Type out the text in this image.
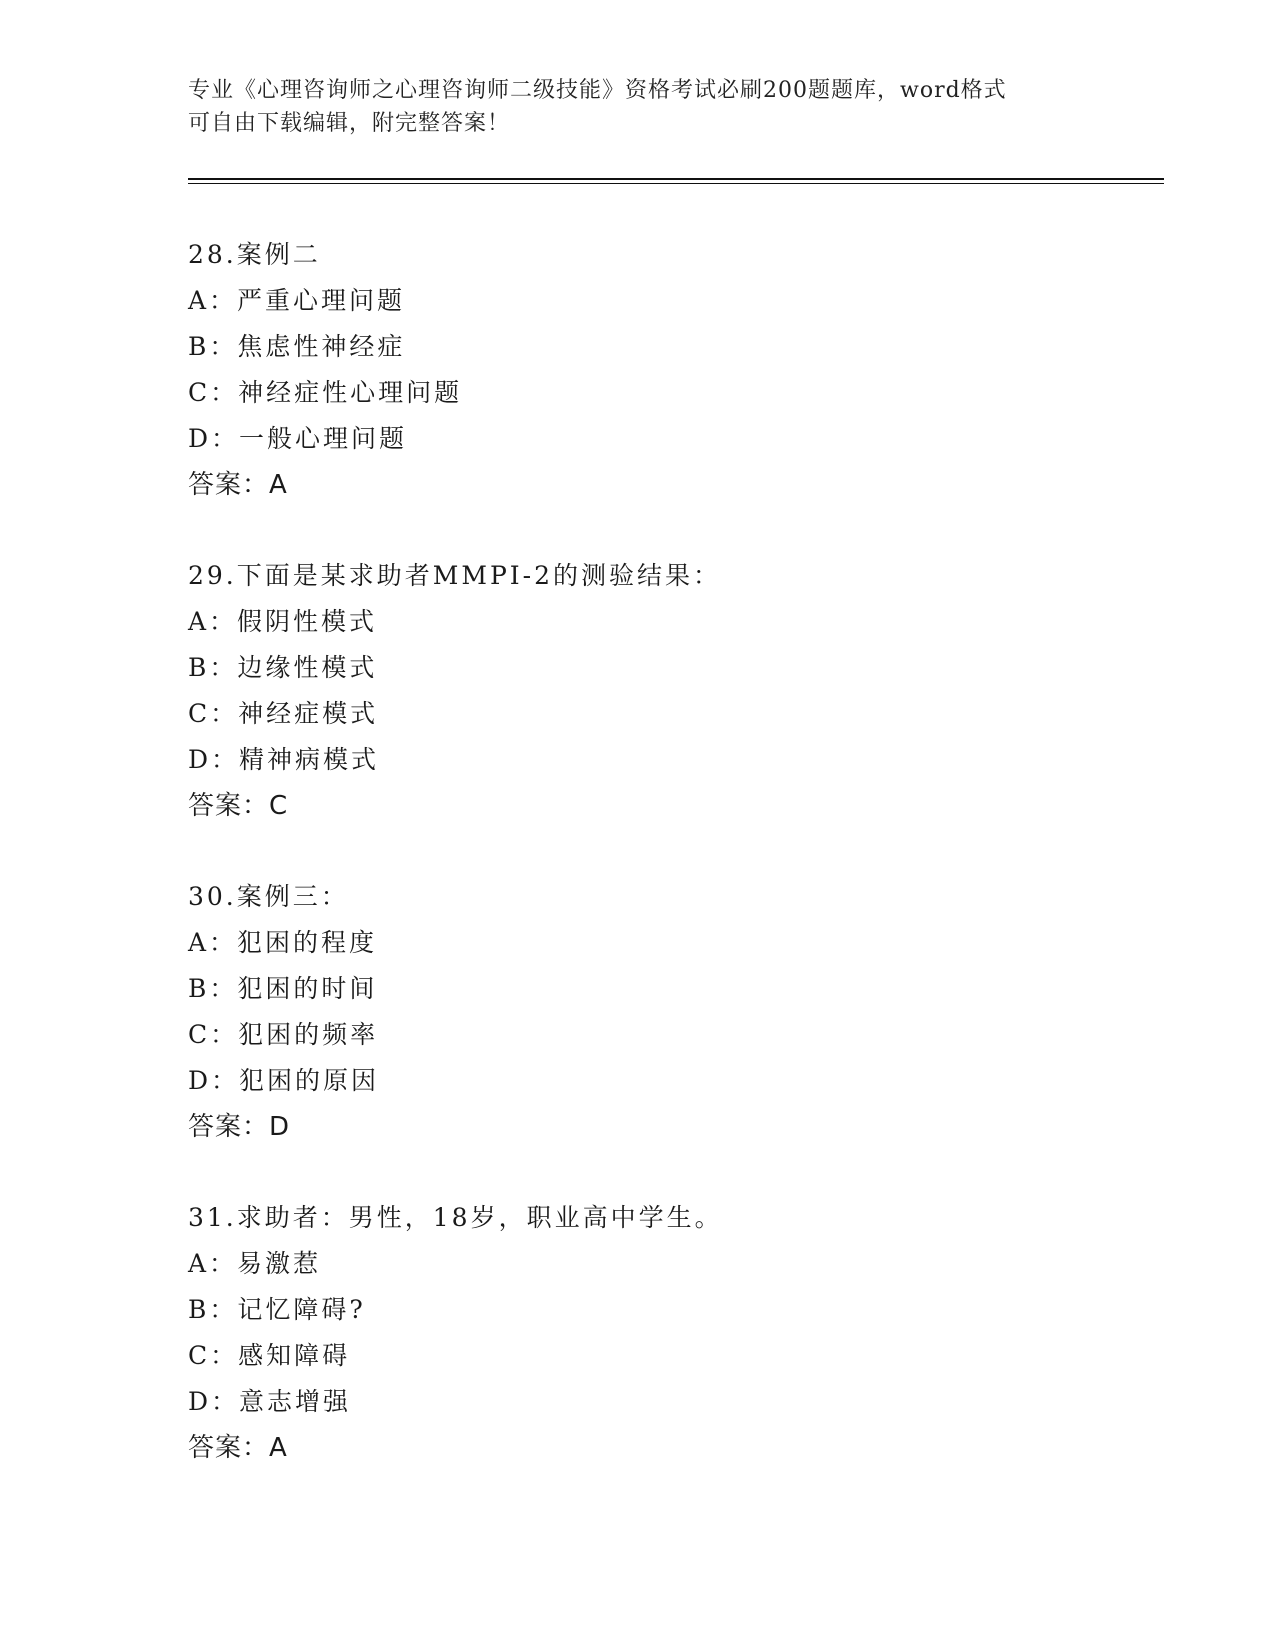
专业《心理咨询师之心理咨询师二级技能》资格考试必刷200题题库，word格式
可自由下载编辑，附完整答案！
28.案例二
A：严重心理问题
B：焦虑性神经症
C：神经症性心理问题
D：一般心理问题
答案：A
29.下面是某求助者MMPI-2的测验结果：
A：假阴性模式
B：边缘性模式
C：神经症模式
D：精神病模式
答案：C
30.案例三：
A：犯困的程度
B：犯困的时间
C：犯困的频率
D：犯困的原因
答案：D
31.求助者：男性，18岁，职业高中学生。
A：易激惹
B：记忆障碍?
C：感知障碍
D：意志增强
答案：A
